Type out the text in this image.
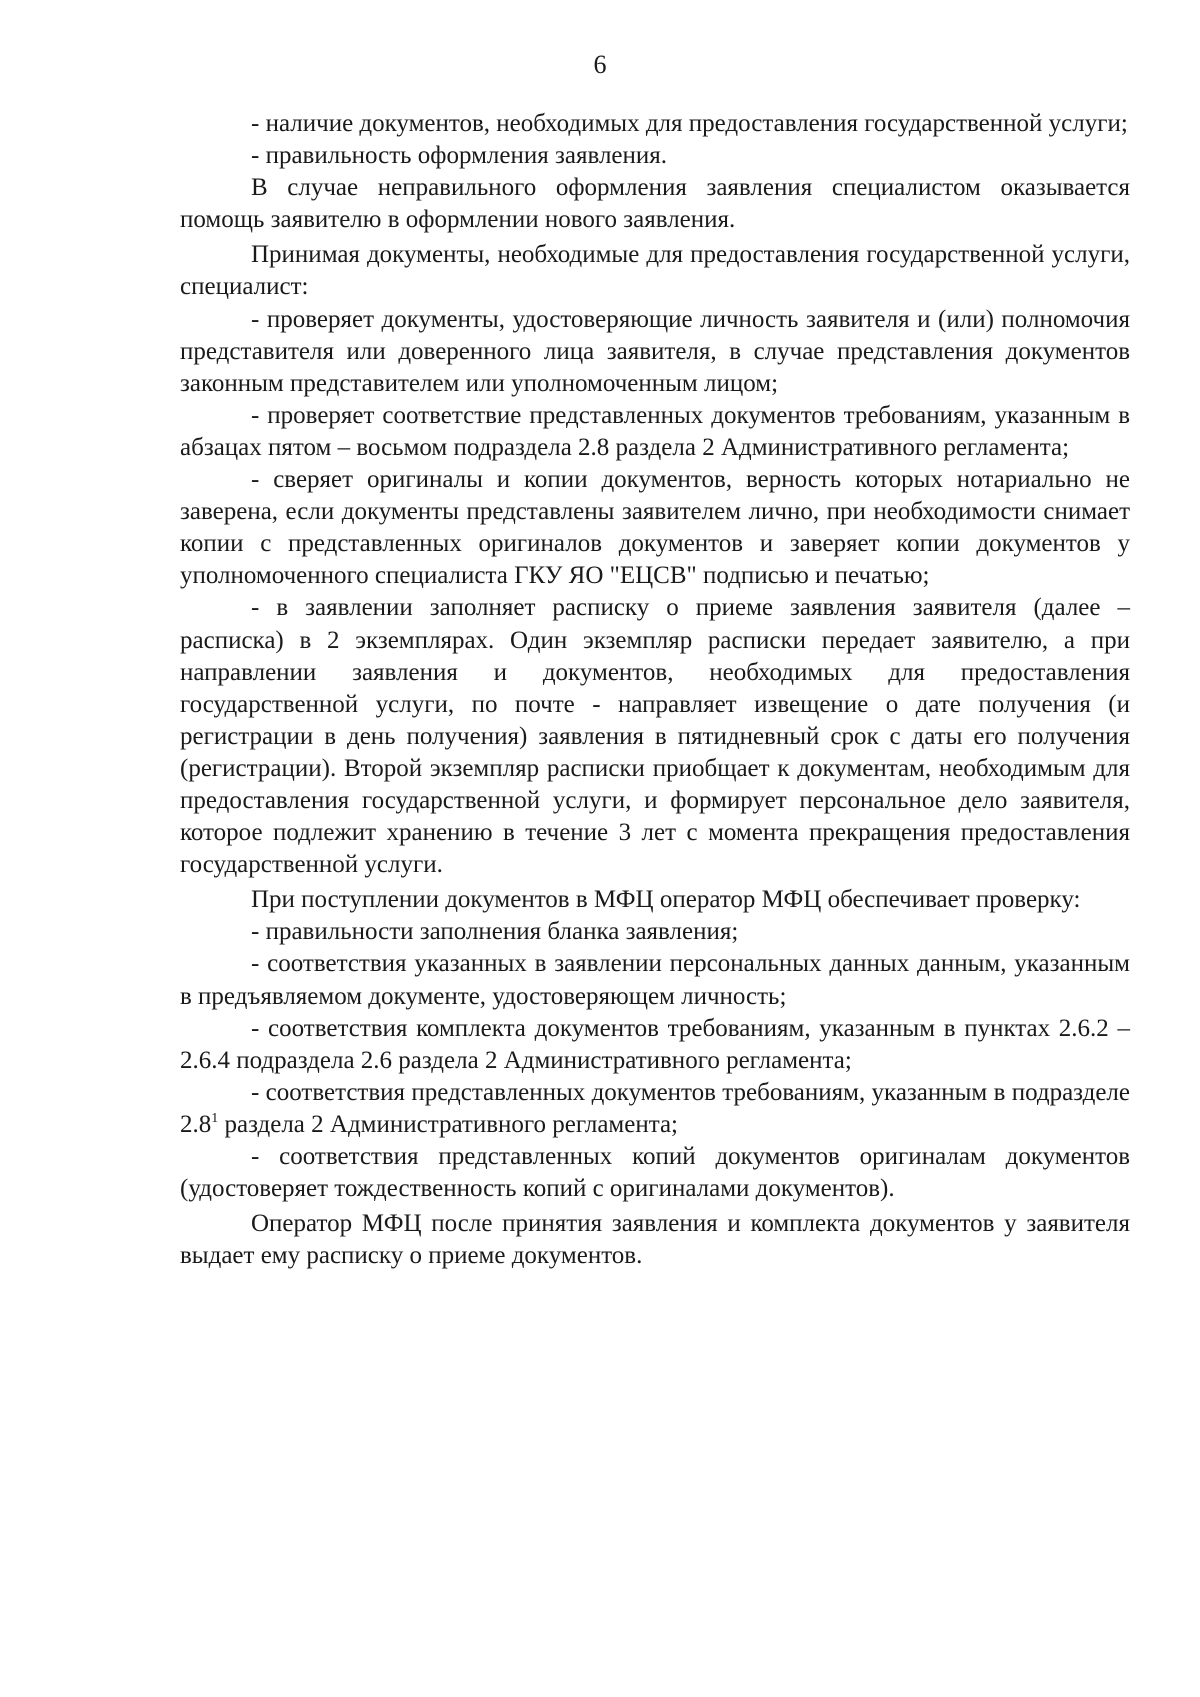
6

- наличие документов, необходимых для предоставления государственной услуги;

- правильность оформления заявления.

В случае неправильного оформления заявления специалистом оказывается помощь заявителю в оформлении нового заявления.

Принимая документы, необходимые для предоставления государственной услуги, специалист:

- проверяет документы, удостоверяющие личность заявителя и (или) полномочия представителя или доверенного лица заявителя, в случае представления документов законным представителем или уполномоченным лицом;

- проверяет соответствие представленных документов требованиям, указанным в абзацах пятом – восьмом подраздела 2.8 раздела 2 Административного регламента;

- сверяет оригиналы и копии документов, верность которых нотариально не заверена, если документы представлены заявителем лично, при необходимости снимает копии с представленных оригиналов документов и заверяет копии документов у уполномоченного специалиста ГКУ ЯО "ЕЦСВ" подписью и печатью;

- в заявлении заполняет расписку о приеме заявления заявителя (далее – расписка) в 2 экземплярах. Один экземпляр расписки передает заявителю, а при направлении заявления и документов, необходимых для предоставления государственной услуги, по почте - направляет извещение о дате получения (и регистрации в день получения) заявления в пятидневный срок с даты его получения (регистрации). Второй экземпляр расписки приобщает к документам, необходимым для предоставления государственной услуги, и формирует персональное дело заявителя, которое подлежит хранению в течение 3 лет с момента прекращения предоставления государственной услуги.

При поступлении документов в МФЦ оператор МФЦ обеспечивает проверку:

- правильности заполнения бланка заявления;

- соответствия указанных в заявлении персональных данных данным, указанным в предъявляемом документе, удостоверяющем личность;

- соответствия комплекта документов требованиям, указанным в пунктах 2.6.2 – 2.6.4 подраздела 2.6 раздела 2 Административного регламента;

- соответствия представленных документов требованиям, указанным в подразделе $2.8^1$ раздела 2 Административного регламента;

- соответствия представленных копий документов оригиналам документов (удостоверяет тождественность копий с оригиналами документов).

Оператор МФЦ после принятия заявления и комплекта документов у заявителя выдает ему расписку о приеме документов.
